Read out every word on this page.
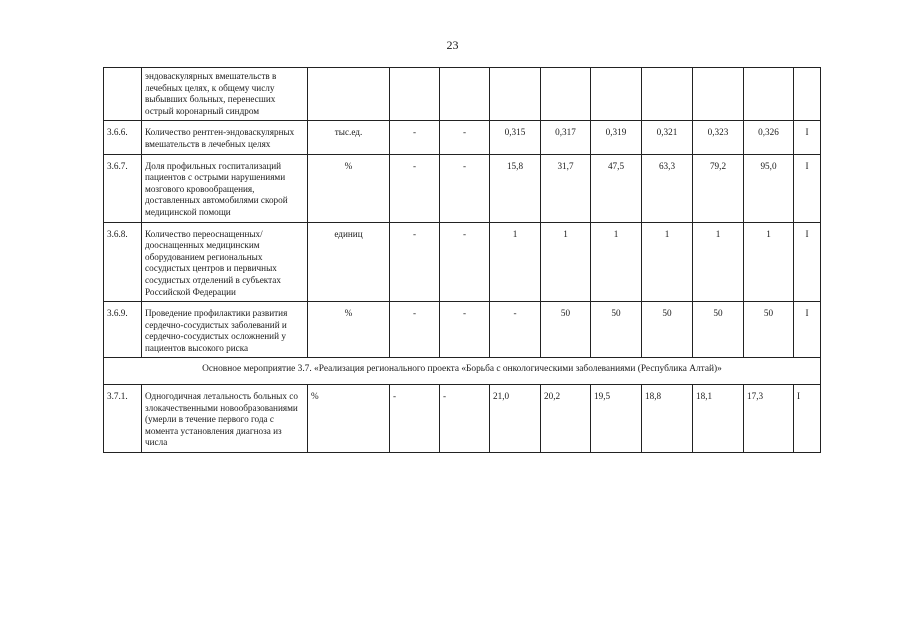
23
	эндоваскулярных вмешательств в лечебных целях, к общему числу выбывших больных, перенесших острый коронарный синдром										
3.6.6.	Количество рентген-эндоваскулярных вмешательств в лечебных целях	тыс.ед.	-	-	0,315	0,317	0,319	0,321	0,323	0,326	I
3.6.7.	Доля профильных госпитализаций пациентов с острыми нарушениями мозгового кровообращения, доставленных автомобилями скорой медицинской помощи	%	-	-	15,8	31,7	47,5	63,3	79,2	95,0	I
3.6.8.	Количество переоснащенных/дооснащенных медицинским оборудованием региональных сосудистых центров и первичных сосудистых отделений в субъектах Российской Федерации	единиц	-	-	1	1	1	1	1	1	I
3.6.9.	Проведение профилактики развития сердечно-сосудистых заболеваний и сердечно-сосудистых осложнений у пациентов высокого риска	%	-	-	-	50	50	50	50	50	I
Основное мероприятие 3.7. «Реализация регионального проекта «Борьба с онкологическими заболеваниями (Республика Алтай)»											
3.7.1.	Одногодичная летальность больных со злокачественными новообразованиями (умерли в течение первого года с момента установления диагноза из числа	%	-	-	21,0	20,2	19,5	18,8	18,1	17,3	I
